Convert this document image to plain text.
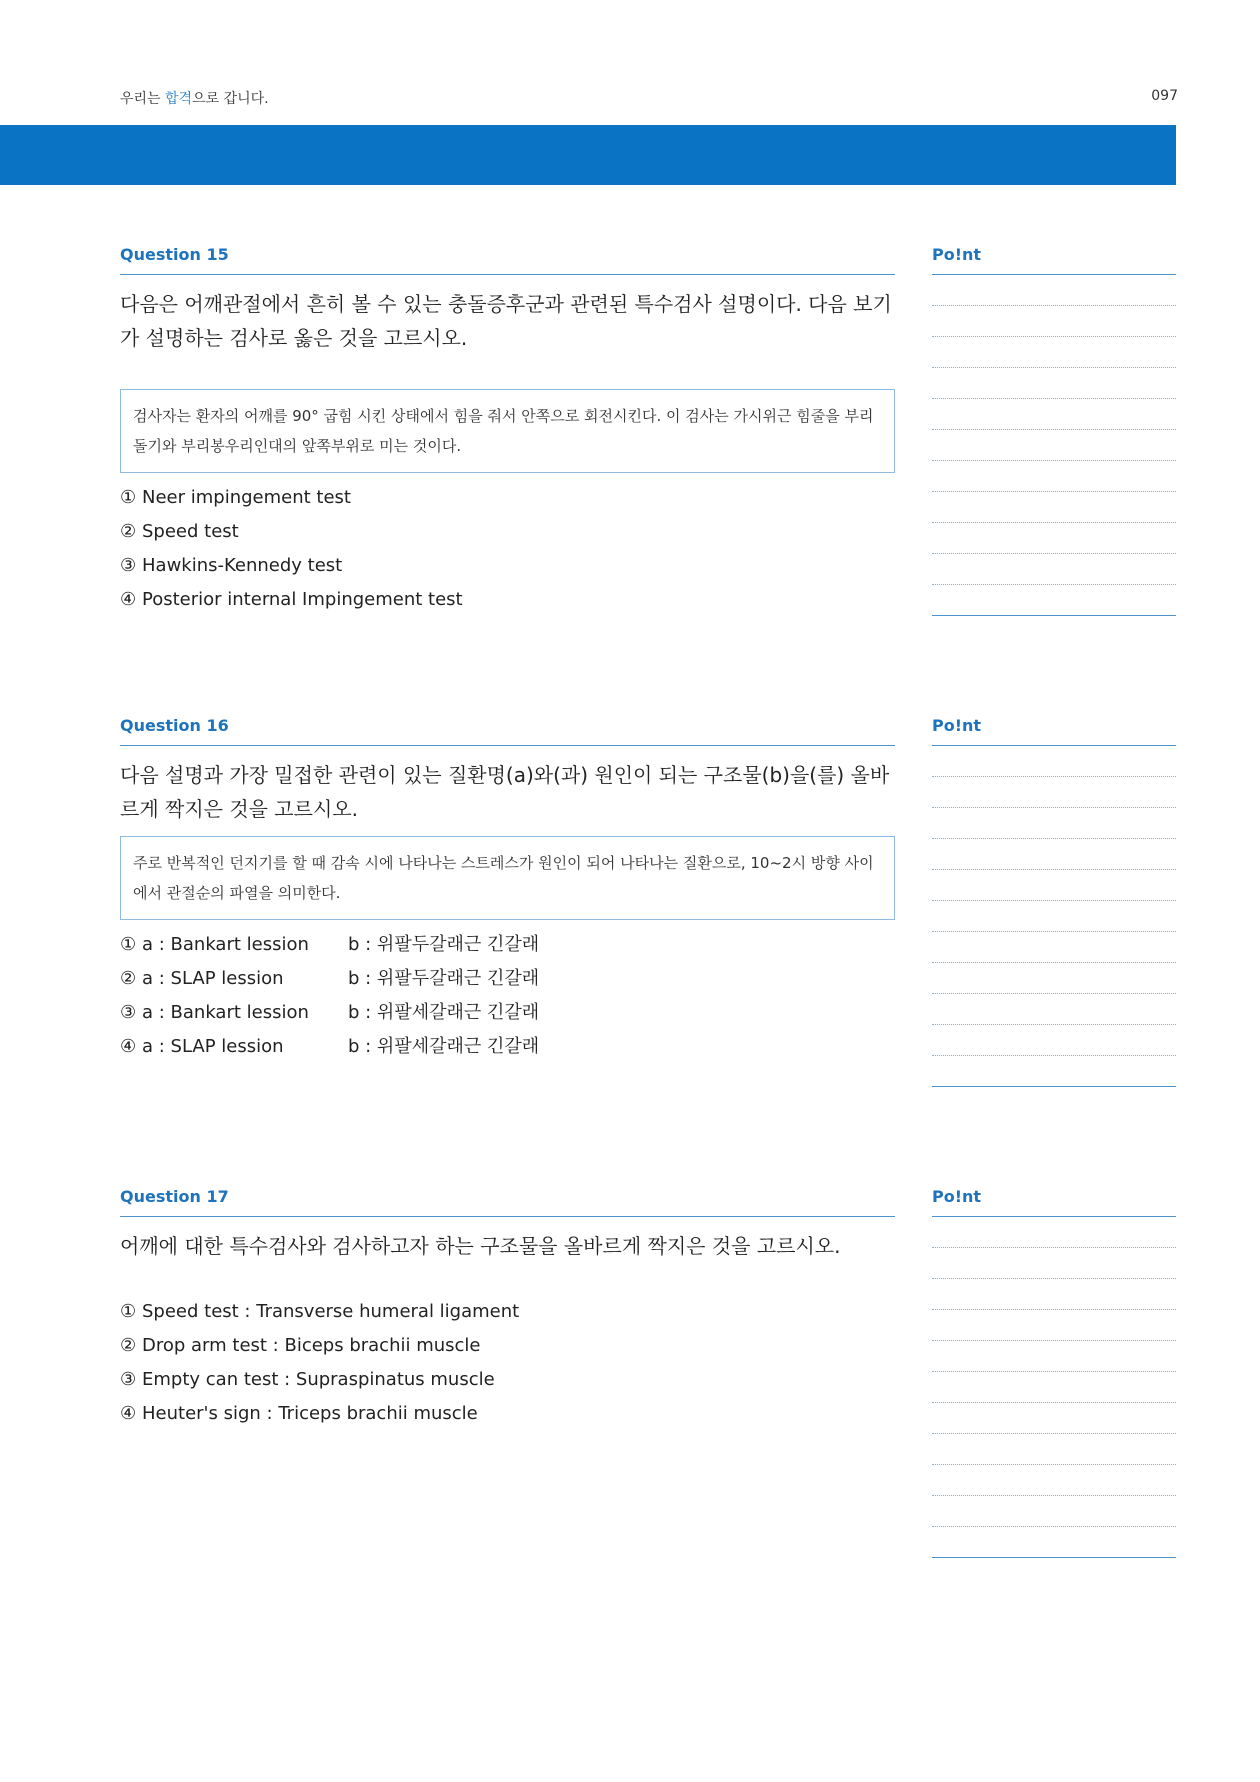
우리는 합격으로 갑니다.	097
Question 15
다음은 어깨관절에서 흔히 볼 수 있는 충돌증후군과 관련된 특수검사 설명이다. 다음 보기가 설명하는 검사로 옳은 것을 고르시오.
검사자는 환자의 어깨를 90° 굽힘 시킨 상태에서 힘을 줘서 안쪽으로 회전시킨다. 이 검사는 가시위근 힘줄을 부리돌기와 부리봉우리인대의 앞쪽부위로 미는 것이다.
① Neer impingement test
② Speed test
③ Hawkins-Kennedy test
④ Posterior internal Impingement test
Po!nt
Question 16
다음 설명과 가장 밀접한 관련이 있는 질환명(a)와(과) 원인이 되는 구조물(b)을(를) 올바르게 짝지은 것을 고르시오.
주로 반복적인 던지기를 할 때 감속 시에 나타나는 스트레스가 원인이 되어 나타나는 질환으로, 10~2시 방향 사이에서 관절순의 파열을 의미한다.
① a : Bankart lession b : 위팔두갈래근 긴갈래
② a : SLAP lession	b : 위팔두갈래근 긴갈래
③ a : Bankart lession b : 위팔세갈래근 긴갈래
④ a : SLAP lession	b : 위팔세갈래근 긴갈래
Po!nt
Question 17
어깨에 대한 특수검사와 검사하고자 하는 구조물을 올바르게 짝지은 것을 고르시오.
① Speed test : Transverse humeral ligament
② Drop arm test : Biceps brachii muscle
③ Empty can test : Supraspinatus muscle
④ Heuter's sign : Triceps brachii muscle
Po!nt
